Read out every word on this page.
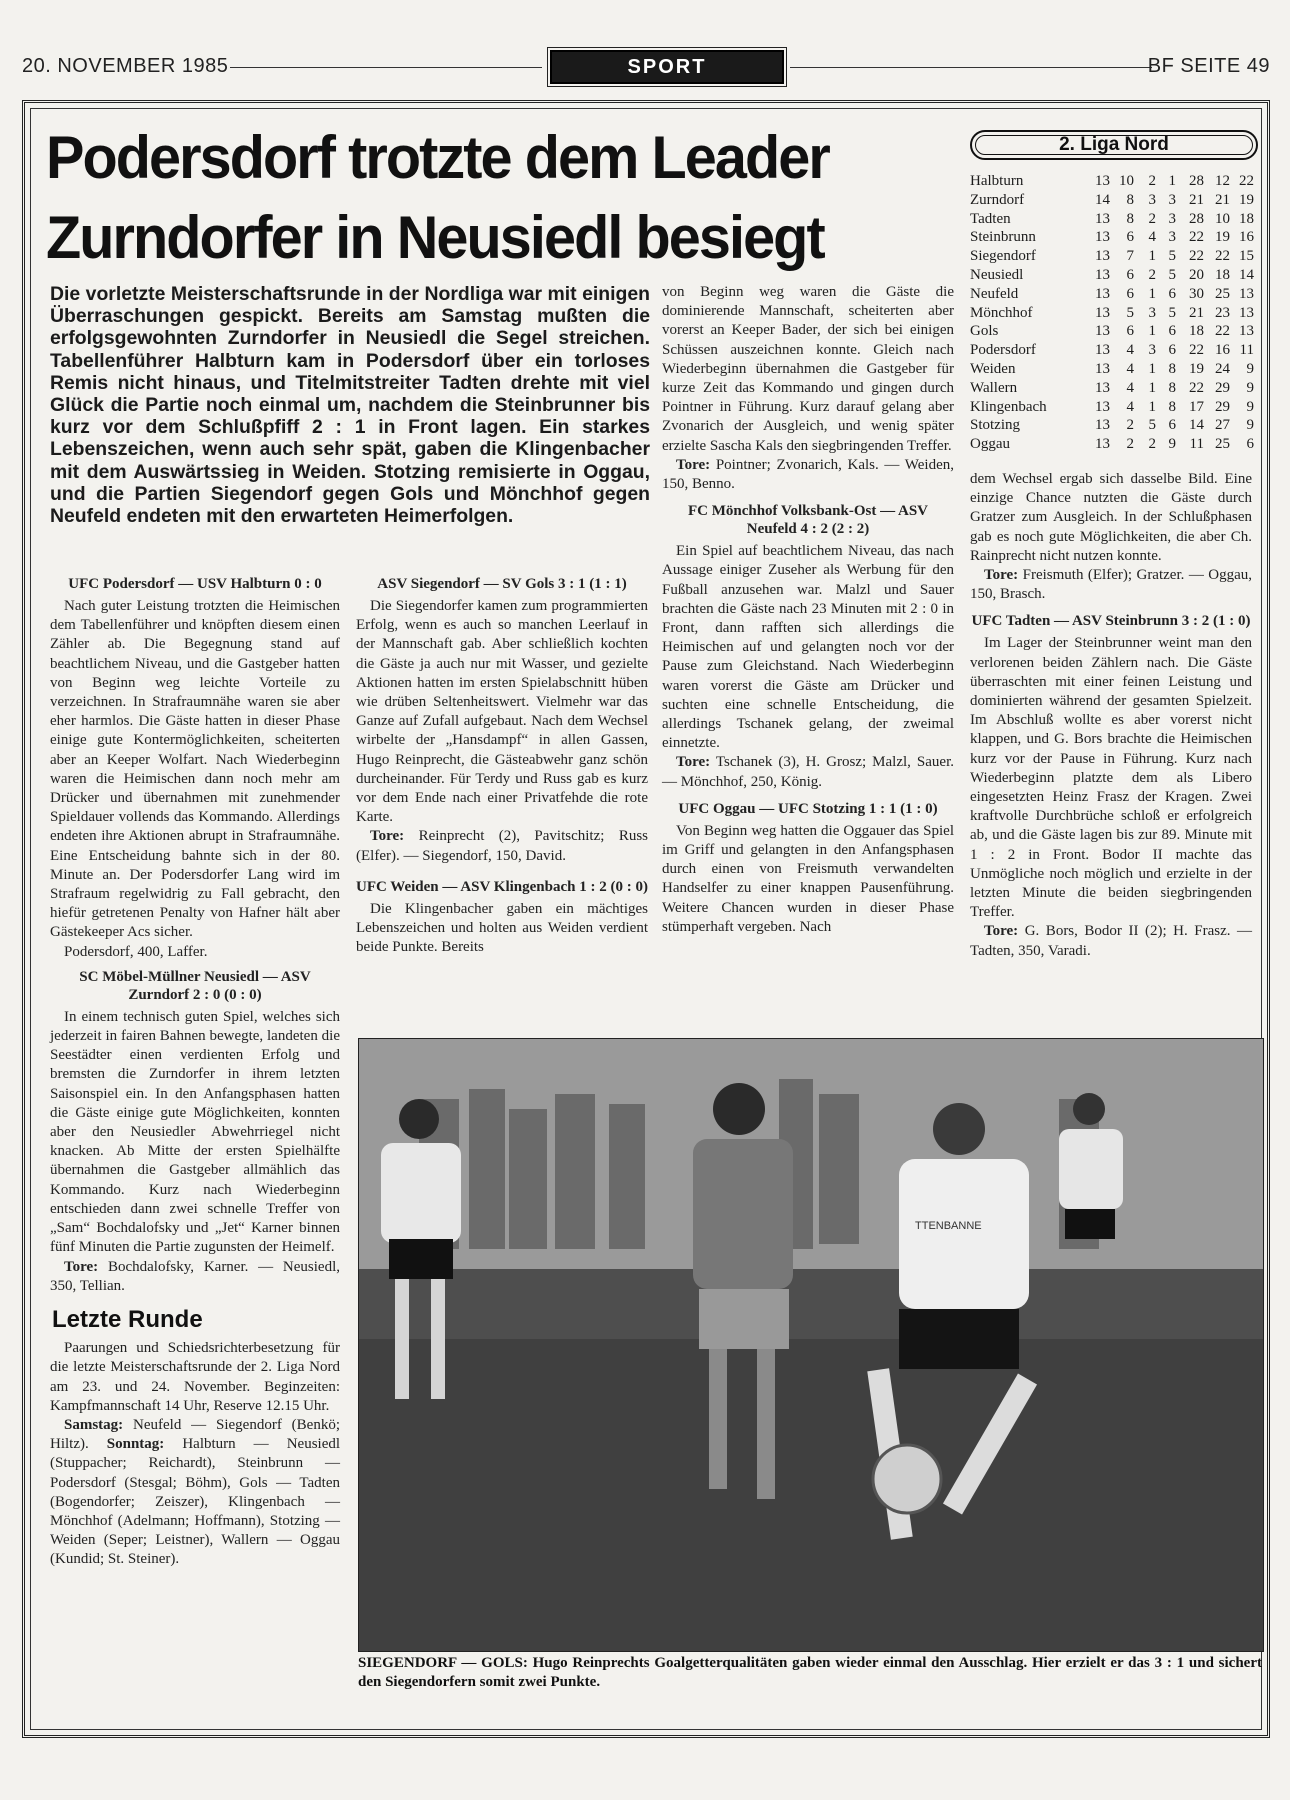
20. NOVEMBER 1985	SPORT	BF SEITE 49
Podersdorf trotzte dem Leader
Zurndorfer in Neusiedl besiegt
Die vorletzte Meisterschaftsrunde in der Nordliga war mit einigen Überraschungen gespickt. Bereits am Samstag mußten die erfolgsgewohnten Zurndorfer in Neusiedl die Segel streichen. Tabellenführer Halbturn kam in Podersdorf über ein torloses Remis nicht hinaus, und Titelmitstreiter Tadten drehte mit viel Glück die Partie noch einmal um, nachdem die Steinbrunner bis kurz vor dem Schlußpfiff 2 : 1 in Front lagen. Ein starkes Lebenszeichen, wenn auch sehr spät, gaben die Klingenbacher mit dem Auswärtssieg in Weiden. Stotzing remisierte in Oggau, und die Partien Siegendorf gegen Gols und Mönchhof gegen Neufeld endeten mit den erwarteten Heimerfolgen.
UFC Podersdorf — USV Halbturn 0 : 0

Nach guter Leistung trotzten die Heimischen dem Tabellenführer und knöpften diesem einen Zähler ab. Die Begegnung stand auf beachtlichem Niveau, und die Gastgeber hatten von Beginn weg leichte Vorteile zu verzeichnen. In Strafraumnähe waren sie aber eher harmlos. Die Gäste hatten in dieser Phase einige gute Kontermöglichkeiten, scheiterten aber an Keeper Wolfart. Nach Wiederbeginn waren die Heimischen dann noch mehr am Drücker und übernahmen mit zunehmender Spieldauer vollends das Kommando. Allerdings endeten ihre Aktionen abrupt in Strafraumnähe. Eine Entscheidung bahnte sich in der 80. Minute an. Der Podersdorfer Lang wird im Strafraum regelwidrig zu Fall gebracht, den hiefür getretenen Penalty von Hafner hält aber Gästekeeper Acs sicher.

Podersdorf, 400, Laffer.

SC Möbel-Müllner Neusiedl — ASV Zurndorf 2 : 0 (0 : 0)

In einem technisch guten Spiel, welches sich jederzeit in fairen Bahnen bewegte, landeten die Seestädter einen verdienten Erfolg und bremsten die Zurndorfer in ihrem letzten Saisonspiel ein. In den Anfangsphasen hatten die Gäste einige gute Möglichkeiten, konnten aber den Neusiedler Abwehrriegel nicht knacken. Ab Mitte der ersten Spielhälfte übernahmen die Gastgeber allmählich das Kommando. Kurz nach Wiederbeginn entschieden dann zwei schnelle Treffer von „Sam“ Bochdalofsky und „Jet“ Karner binnen fünf Minuten die Partie zugunsten der Heimelf.

Tore: Bochdalofsky, Karner. — Neusiedl, 350, Tellian.

Letzte Runde

Paarungen und Schiedsrichterbesetzung für die letzte Meisterschaftsrunde der 2. Liga Nord am 23. und 24. November. Beginzeiten: Kampfmannschaft 14 Uhr, Reserve 12.15 Uhr.

Samstag: Neufeld — Siegendorf (Benkö; Hiltz). Sonntag: Halbturn — Neusiedl (Stuppacher; Reichardt), Steinbrunn — Podersdorf (Stesgal; Böhm), Gols — Tadten (Bogendorfer; Zeiszer), Klingenbach — Mönchhof (Adelmann; Hoffmann), Stotzing — Weiden (Seper; Leistner), Wallern — Oggau (Kundid; St. Steiner).

ASV Siegendorf — SV Gols 3 : 1 (1 : 1)

Die Siegendorfer kamen zum programmierten Erfolg, wenn es auch so manchen Leerlauf in der Mannschaft gab. Aber schließlich kochten die Gäste ja auch nur mit Wasser, und gezielte Aktionen hatten im ersten Spielabschnitt hüben wie drüben Seltenheitswert. Vielmehr war das Ganze auf Zufall aufgebaut. Nach dem Wechsel wirbelte der „Hansdampf“ in allen Gassen, Hugo Reinprecht, die Gästeabwehr ganz schön durcheinander. Für Terdy und Russ gab es kurz vor dem Ende nach einer Privatfehde die rote Karte.

Tore: Reinprecht (2), Pavitschitz; Russ (Elfer). — Siegendorf, 150, David.

UFC Weiden — ASV Klingenbach 1 : 2 (0 : 0)

Die Klingenbacher gaben ein mächtiges Lebenszeichen und holten aus Weiden verdient beide Punkte. Bereits

von Beginn weg waren die Gäste die dominierende Mannschaft, scheiterten aber vorerst an Keeper Bader, der sich bei einigen Schüssen auszeichnen konnte. Gleich nach Wiederbeginn übernahmen die Gastgeber für kurze Zeit das Kommando und gingen durch Pointner in Führung. Kurz darauf gelang aber Zvonarich der Ausgleich, und wenig später erzielte Sascha Kals den siegbringenden Treffer.

Tore: Pointner; Zvonarich, Kals. — Weiden, 150, Benno.

FC Mönchhof Volksbank-Ost — ASV Neufeld 4 : 2 (2 : 2)

Ein Spiel auf beachtlichem Niveau, das nach Aussage einiger Zuseher als Werbung für den Fußball anzusehen war. Malzl und Sauer brachten die Gäste nach 23 Minuten mit 2 : 0 in Front, dann rafften sich allerdings die Heimischen auf und gelangten noch vor der Pause zum Gleichstand. Nach Wiederbeginn waren vorerst die Gäste am Drücker und suchten eine schnelle Entscheidung, die allerdings Tschanek gelang, der zweimal einnetzte.

Tore: Tschanek (3), H. Grosz; Malzl, Sauer. — Mönchhof, 250, König.

UFC Oggau — UFC Stotzing 1 : 1 (1 : 0)

Von Beginn weg hatten die Oggauer das Spiel im Griff und gelangten in den Anfangsphasen durch einen von Freismuth verwandelten Handselfer zu einer knappen Pausenführung. Weitere Chancen wurden in dieser Phase stümperhaft vergeben. Nach

2. Liga Nord
Halbturn	13 10 2 1 28 12 22
Zurndorf	14	8 3 3 21 21 19
Tadten	13	8 2 3 28 10 18
Steinbrunn	13	6 4 3 22 19 16
Siegendorf	13	7 1 5 22 22 15
Neusiedl	13	6 2 5 20 18 14
Neufeld	13	6 1 6 30 25 13
Mönchhof	13	5 3 5 21 23 13
Gols	13	6 1 6 18 22 13
Podersdorf	13	4 3 6 22 16 11
Weiden	13	4 1 8 19 24	9
Wallern	13	4 1 8 22 29	9
Klingenbach	13	4 1 8 17 29	9
Stotzing	13	2 5 6 14 27	9
Oggau	13	2 2 9 11 25	6

dem Wechsel ergab sich dasselbe Bild. Eine einzige Chance nutzten die Gäste durch Gratzer zum Ausgleich. In der Schlußphasen gab es noch gute Möglichkeiten, die aber Ch. Rainprecht nicht nutzen konnte.

Tore: Freismuth (Elfer); Gratzer. — Oggau, 150, Brasch.

UFC Tadten — ASV Steinbrunn 3 : 2 (1 : 0)

Im Lager der Steinbrunner weint man den verlorenen beiden Zählern nach. Die Gäste überraschten mit einer feinen Leistung und dominierten während der gesamten Spielzeit. Im Abschluß wollte es aber vorerst nicht klappen, und G. Bors brachte die Heimischen kurz vor der Pause in Führung. Kurz nach Wiederbeginn platzte dem als Libero eingesetzten Heinz Frasz der Kragen. Zwei kraftvolle Durchbrüche schloß er erfolgreich ab, und die Gäste lagen bis zur 89. Minute mit 1 : 2 in Front. Bodor II machte das Unmögliche noch möglich und erzielte in der letzten Minute die beiden siegbringenden Treffer.

Tore: G. Bors, Bodor II (2); H. Frasz. — Tadten, 350, Varadi.

TTENBANNE
SIEGENDORF — GOLS: Hugo Reinprechts Goalgetterqualitäten gaben wieder einmal den Ausschlag. Hier erzielt er das 3 : 1 und sichert den Siegendorfern somit zwei Punkte.
